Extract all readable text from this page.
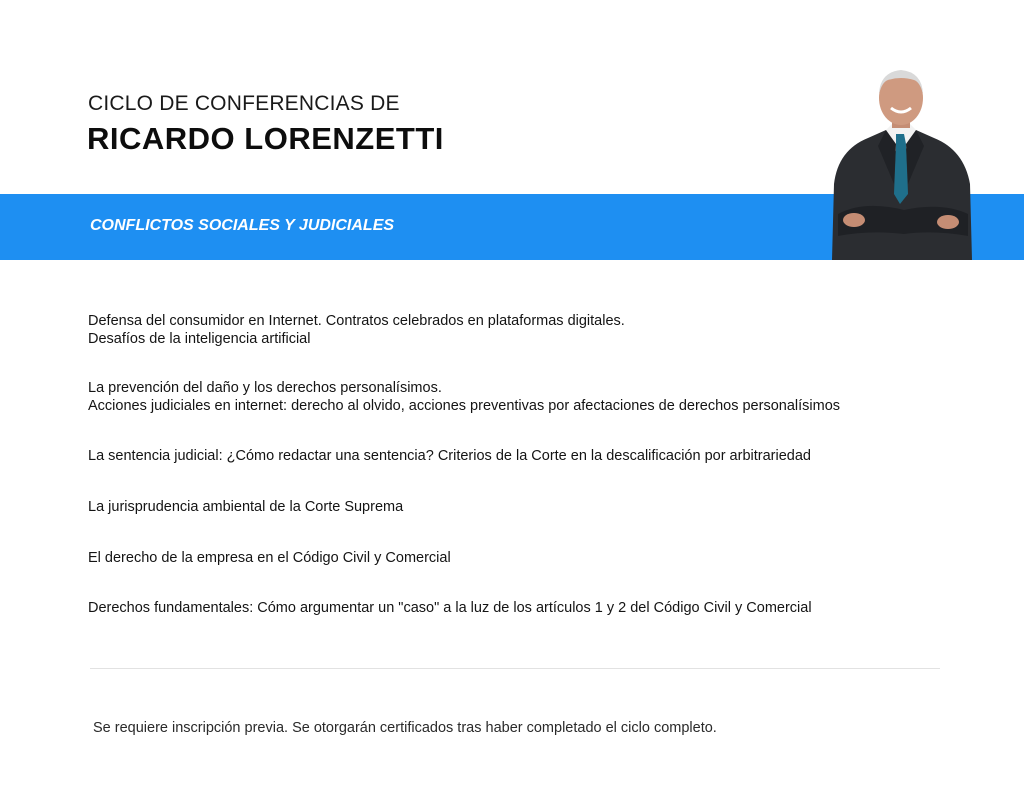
CICLO DE CONFERENCIAS DE
RICARDO LORENZETTI
CONFLICTOS SOCIALES Y JUDICIALES
Defensa del consumidor en Internet. Contratos celebrados en plataformas digitales.
Desafíos de la inteligencia artificial
La prevención del daño y los derechos personalísimos.
Acciones judiciales en internet: derecho al olvido, acciones preventivas por afectaciones de derechos personalísimos
La sentencia judicial: ¿Cómo redactar una sentencia? Criterios de la Corte en la descalificación por arbitrariedad
La jurisprudencia ambiental de la Corte Suprema
El derecho de la empresa en el Código Civil y Comercial
Derechos fundamentales: Cómo argumentar un "caso" a la luz de los artículos 1 y 2 del Código Civil y Comercial
Se requiere inscripción previa. Se otorgarán certificados tras haber completado el ciclo completo.
